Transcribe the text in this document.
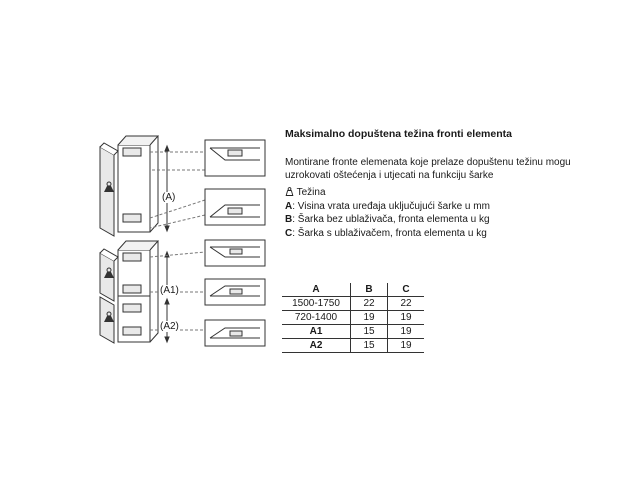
(A)
(A1)
(A2)
Maksimalno dopuštena težina fronti elementa
Montirane fronte elemenata koje prelaze dopuštenu težinu mogu uzrokovati oštećenja i utjecati na funkciju šarke
Težina
A: Visina vrata uređaja uključujući šarke u mm
B: Šarka bez ublaživača, fronta elementa u kg
C: Šarka s ublaživačem, fronta elementa u kg
A	B	C
1500-1750	22	22
720-1400	19	19
A1	15	19
A2	15	19
